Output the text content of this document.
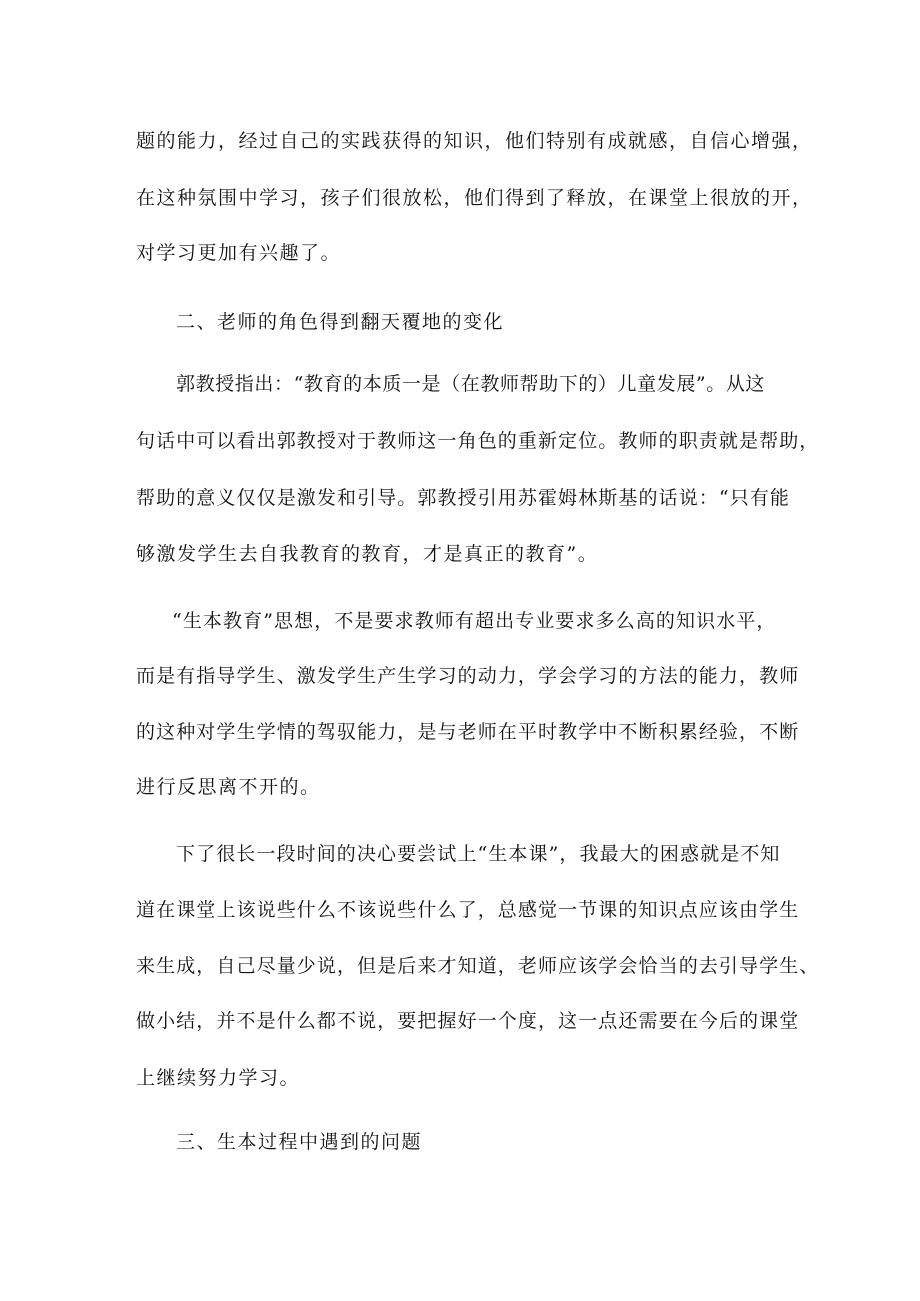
题的能力，经过自己的实践获得的知识，他们特别有成就感，自信心增强，
在这种氛围中学习，孩子们很放松，他们得到了释放，在课堂上很放的开，
对学习更加有兴趣了。
二、老师的角色得到翻天覆地的变化
郭教授指出：“教育的本质一是（在教师帮助下的）儿童发展”。从这
句话中可以看出郭教授对于教师这一角色的重新定位。教师的职责就是帮助，
帮助的意义仅仅是激发和引导。郭教授引用苏霍姆林斯基的话说：“只有能
够激发学生去自我教育的教育，才是真正的教育”。
“生本教育”思想，不是要求教师有超出专业要求多么高的知识水平，
而是有指导学生、激发学生产生学习的动力，学会学习的方法的能力，教师
的这种对学生学情的驾驭能力，是与老师在平时教学中不断积累经验，不断
进行反思离不开的。
下了很长一段时间的决心要尝试上“生本课”，我最大的困惑就是不知
道在课堂上该说些什么不该说些什么了，总感觉一节课的知识点应该由学生
来生成，自己尽量少说，但是后来才知道，老师应该学会恰当的去引导学生、
做小结，并不是什么都不说，要把握好一个度，这一点还需要在今后的课堂
上继续努力学习。
三、生本过程中遇到的问题
